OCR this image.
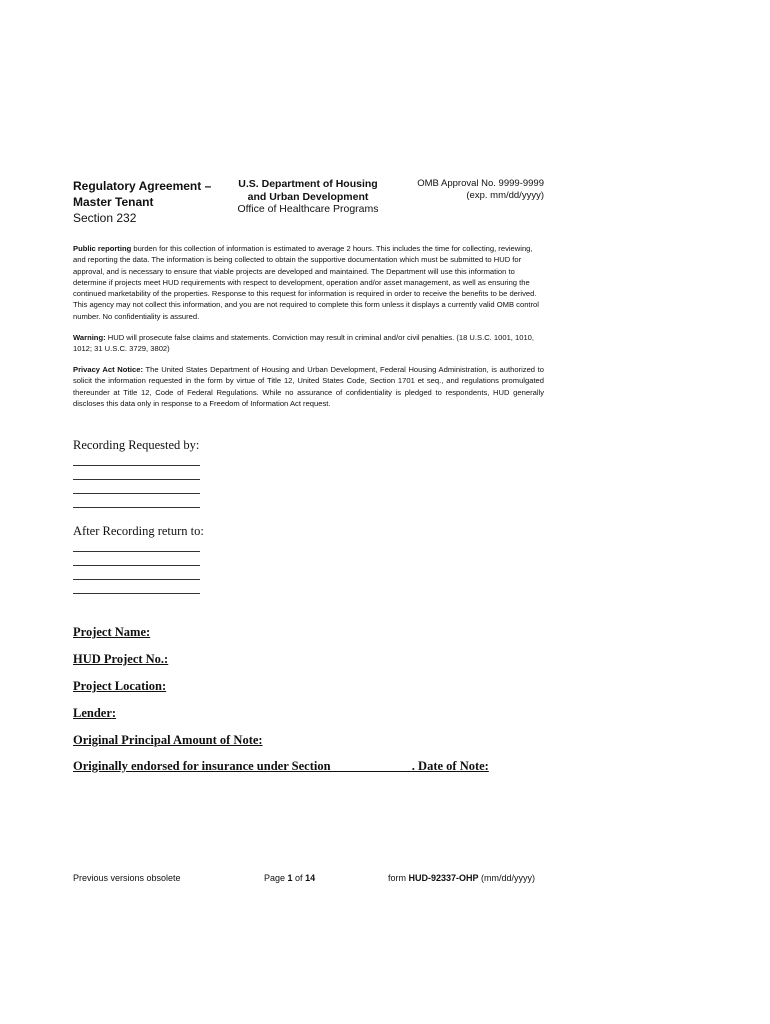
Regulatory Agreement –
Master Tenant
Section 232
U.S. Department of Housing
and Urban Development
Office of Healthcare Programs
OMB Approval No. 9999-9999
(exp. mm/dd/yyyy)

Public reporting burden for this collection of information is estimated to average 2 hours. This includes the time for collecting, reviewing, and reporting the data. The information is being collected to obtain the supportive documentation which must be submitted to HUD for approval, and is necessary to ensure that viable projects are developed and maintained. The Department will use this information to determine if projects meet HUD requirements with respect to development, operation and/or asset management, as well as ensuring the continued marketability of the properties. Response to this request for information is required in order to receive the benefits to be derived. This agency may not collect this information, and you are not required to complete this form unless it displays a currently valid OMB control number. No confidentiality is assured.

Warning: HUD will prosecute false claims and statements. Conviction may result in criminal and/or civil penalties. (18 U.S.C. 1001, 1010, 1012; 31 U.S.C. 3729, 3802)

Privacy Act Notice: The United States Department of Housing and Urban Development, Federal Housing Administration, is authorized to solicit the information requested in the form by virtue of Title 12, United States Code, Section 1701 et seq., and regulations promulgated thereunder at Title 12, Code of Federal Regulations. While no assurance of confidentiality is pledged to respondents, HUD generally discloses this data only in response to a Freedom of Information Act request.

Recording Requested by:
After Recording return to:
Project Name:
HUD Project No.:
Project Location:
Lender:
Original Principal Amount of Note:
Originally endorsed for insurance under Section_____________. Date of Note:
Previous versions obsolete	Page 1 of 14	form HUD-92337-OHP (mm/dd/yyyy)
